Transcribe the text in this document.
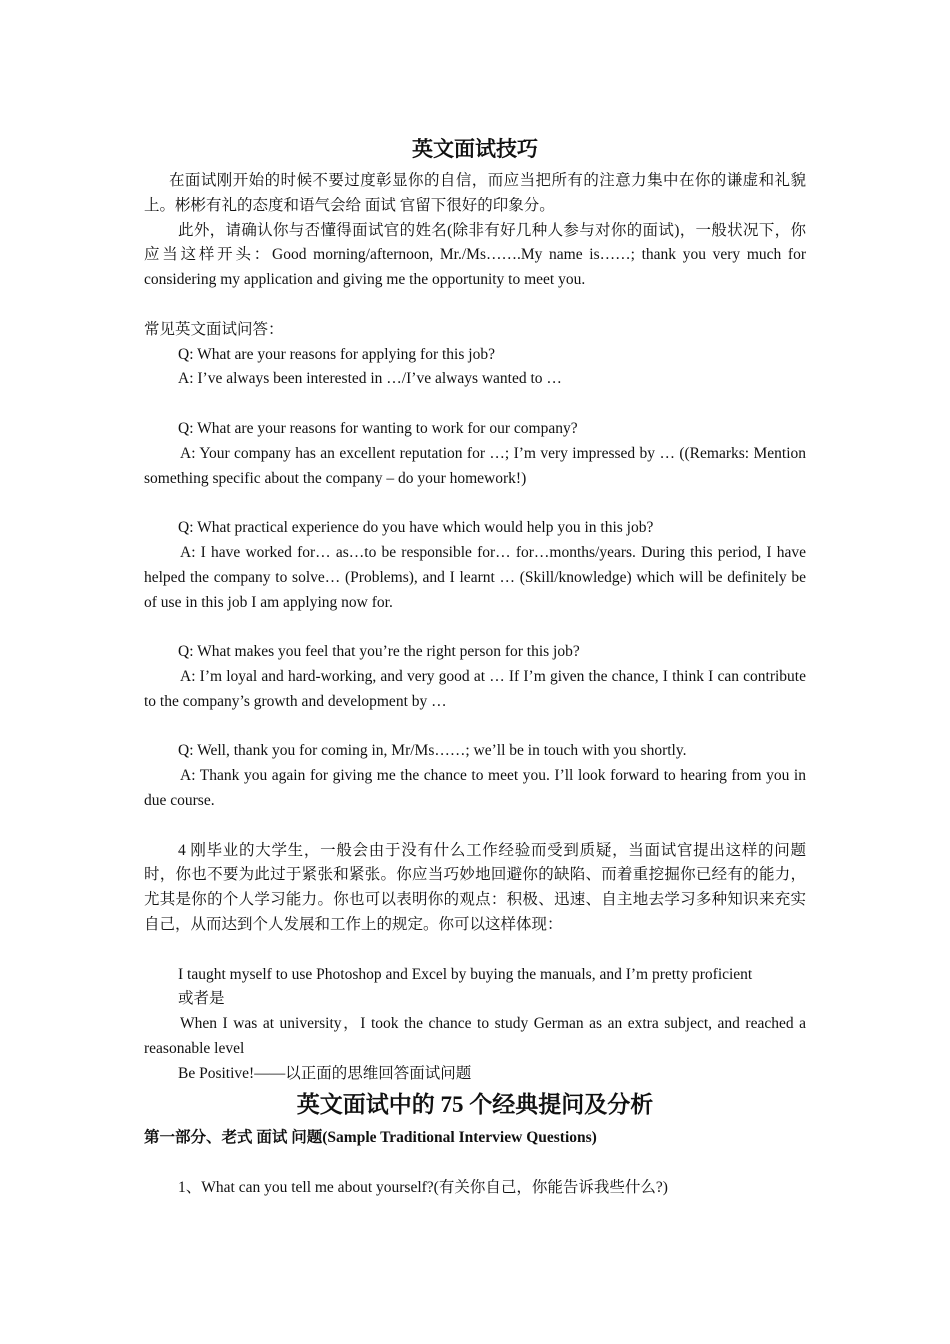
英文面试技巧

在面试刚开始的时候不要过度彰显你的自信，而应当把所有的注意力集中在你的谦虚和礼貌上。彬彬有礼的态度和语气会给 面试 官留下很好的印象分。

此外，请确认你与否懂得面试官的姓名(除非有好几种人参与对你的面试)，一般状况下，你应当这样开头：Good morning/afternoon, Mr./Ms…….My name is……; thank you very much for considering my application and giving me the opportunity to meet you.

常见英文面试问答：

Q: What are your reasons for applying for this job?

A: I’ve always been interested in …/I’ve always wanted to …

Q: What are your reasons for wanting to work for our company?

A: Your company has an excellent reputation for …; I’m very impressed by … ((Remarks: Mention something specific about the company – do your homework!)

Q: What practical experience do you have which would help you in this job?

A: I have worked for… as…to be responsible for… for…months/years. During this period, I have helped the company to solve… (Problems), and I learnt … (Skill/knowledge) which will be definitely be of use in this job I am applying now for.

Q: What makes you feel that you’re the right person for this job?

A: I’m loyal and hard-working, and very good at … If I’m given the chance, I think I can contribute to the company’s growth and development by …

Q: Well, thank you for coming in, Mr/Ms……; we’ll be in touch with you shortly.

A: Thank you again for giving me the chance to meet you. I’ll look forward to hearing from you in due course.

4 刚毕业的大学生，一般会由于没有什么工作经验而受到质疑，当面试官提出这样的问题时，你也不要为此过于紧张和紧张。你应当巧妙地回避你的缺陷、而着重挖掘你已经有的能力，尤其是你的个人学习能力。你也可以表明你的观点：积极、迅速、自主地去学习多种知识来充实自己，从而达到个人发展和工作上的规定。你可以这样体现：

I taught myself to use Photoshop and Excel by buying the manuals, and I’m pretty proficient

或者是

When I was at university，I took the chance to study German as an extra subject, and reached a reasonable level

Be Positive!——以正面的思维回答面试问题

英文面试中的 75 个经典提问及分析

第一部分、老式 面试 问题(Sample Traditional Interview Questions)

1、What can you tell me about yourself?(有关你自己，你能告诉我些什么?)
